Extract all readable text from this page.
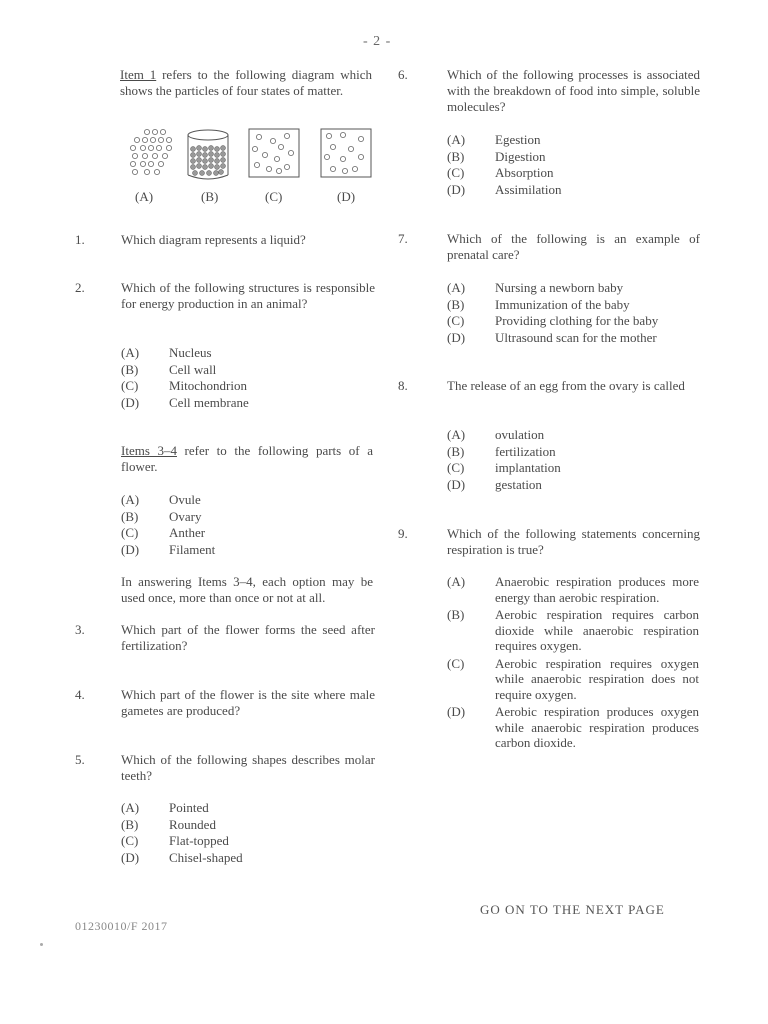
- 2 -
Item 1 refers to the following diagram which shows the particles of four states of matter.
(A)	(B)	(C)	(D)
1.	Which diagram represents a liquid?
2.	Which of the following structures is responsible for energy production in an animal?
(A)	Nucleus
(B)	Cell wall
(C)	Mitochondrion
(D)	Cell membrane
Items 3–4 refer to the following parts of a flower.
(A)	Ovule
(B)	Ovary
(C)	Anther
(D)	Filament
In answering Items 3–4, each option may be used once, more than once or not at all.
3.	Which part of the flower forms the seed after fertilization?
4.	Which part of the flower is the site where male gametes are produced?
5.	Which of the following shapes describes molar teeth?
(A)	Pointed
(B)	Rounded
(C)	Flat-topped
(D)	Chisel-shaped
6.	Which of the following processes is associated with the breakdown of food into simple, soluble molecules?
(A)	Egestion
(B)	Digestion
(C)	Absorption
(D)	Assimilation
7.	Which of the following is an example of prenatal care?
(A)	Nursing a newborn baby
(B)	Immunization of the baby
(C)	Providing clothing for the baby
(D)	Ultrasound scan for the mother
8.	The release of an egg from the ovary is called
(A)	ovulation
(B)	fertilization
(C)	implantation
(D)	gestation
9.	Which of the following statements concerning respiration is true?
(A)	Anaerobic respiration produces more energy than aerobic respiration.
(B)	Aerobic respiration requires carbon dioxide while anaerobic respiration requires oxygen.
(C)	Aerobic respiration requires oxygen while anaerobic respiration does not require oxygen.
(D)	Aerobic respiration produces oxygen while anaerobic respiration produces carbon dioxide.
GO ON TO THE NEXT PAGE
01230010/F 2017
